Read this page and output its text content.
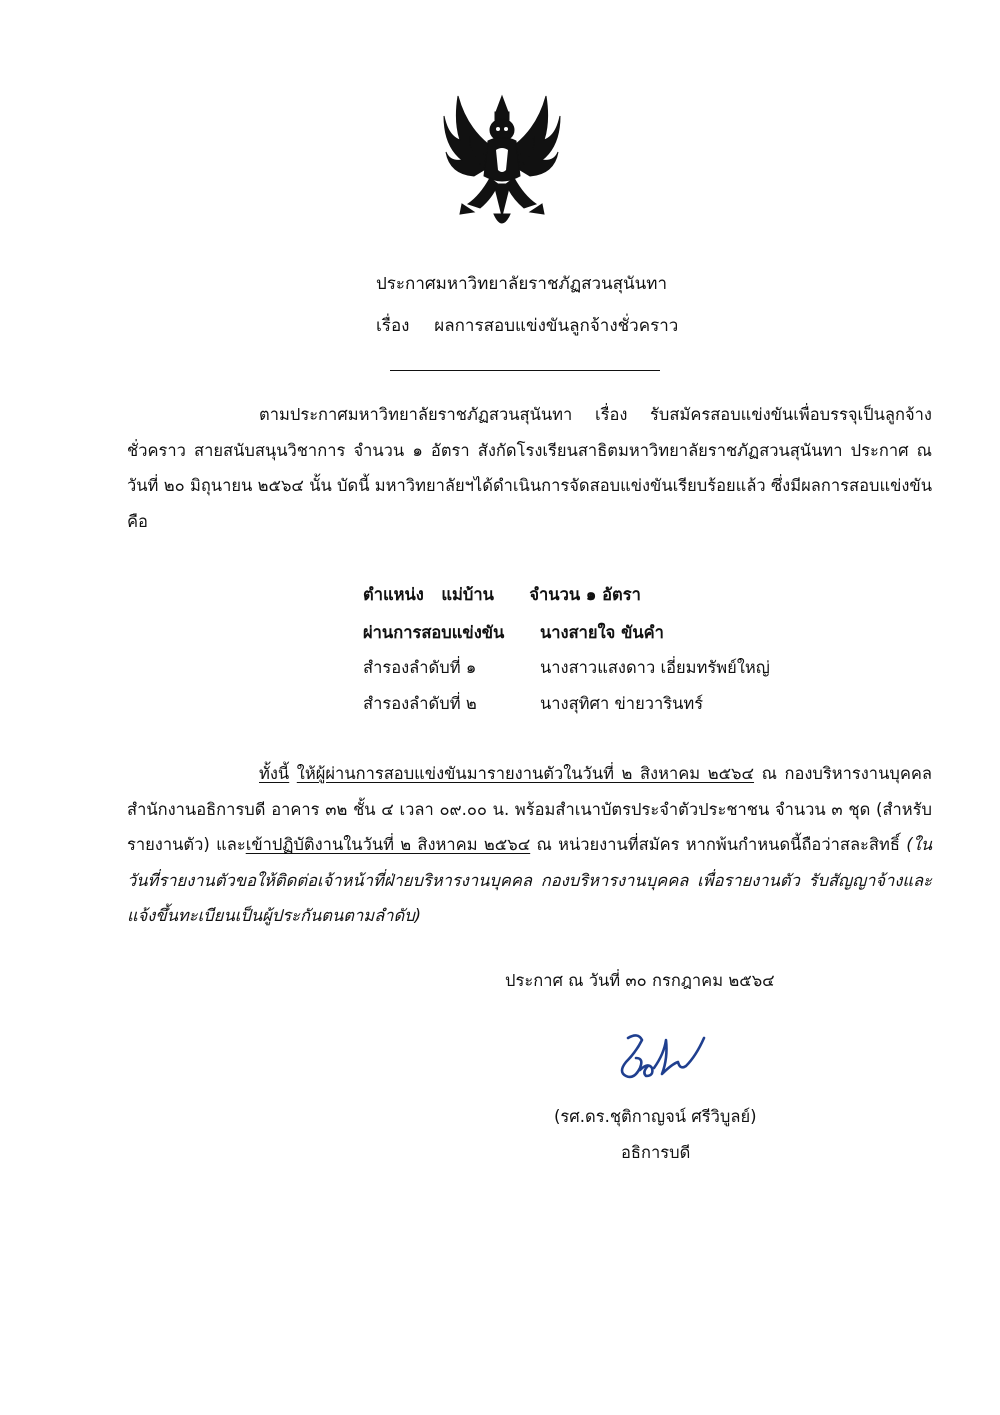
ประกาศมหาวิทยาลัยราชภัฏสวนสุนันทา
เรื่อง ผลการสอบแข่งขันลูกจ้างชั่วคราว
ตามประกาศมหาวิทยาลัยราชภัฏสวนสุนันทา เรื่อง รับสมัครสอบแข่งขันเพื่อบรรจุเป็นลูกจ้างชั่วคราว สายสนับสนุนวิชาการ จำนวน ๑ อัตรา สังกัดโรงเรียนสาธิตมหาวิทยาลัยราชภัฏสวนสุนันทา ประกาศ ณ วันที่ ๒๐ มิถุนายน ๒๕๖๔ นั้น บัดนี้ มหาวิทยาลัยฯได้ดำเนินการจัดสอบแข่งขันเรียบร้อยแล้ว ซึ่งมีผลการสอบแข่งขัน คือ
ตำแหน่ง แม่บ้าน จำนวน ๑ อัตรา
ผ่านการสอบแข่งขัน นางสายใจ ขันคำ
สำรองลำดับที่ ๑	นางสาวแสงดาว เอี่ยมทรัพย์ใหญ่
สำรองลำดับที่ ๒	นางสุทิศา ข่ายวารินทร์
ทั้งนี้ ให้ผู้ผ่านการสอบแข่งขันมารายงานตัวในวันที่ ๒ สิงหาคม ๒๕๖๔ ณ กองบริหารงานบุคคล สำนักงานอธิการบดี อาคาร ๓๒ ชั้น ๔ เวลา ๐๙.๐๐ น. พร้อมสำเนาบัตรประจำตัวประชาชน จำนวน ๓ ชุด (สำหรับรายงานตัว) และเข้าปฏิบัติงานในวันที่ ๒ สิงหาคม ๒๕๖๔ ณ หน่วยงานที่สมัคร หากพ้นกำหนดนี้ถือว่าสละสิทธิ์ (ในวันที่รายงานตัวขอให้ติดต่อเจ้าหน้าที่ฝ่ายบริหารงานบุคคล กองบริหารงานบุคคล เพื่อรายงานตัว รับสัญญาจ้างและแจ้งขึ้นทะเบียนเป็นผู้ประกันตนตามลำดับ)
ประกาศ ณ วันที่ ๓๐ กรกฎาคม ๒๕๖๔
(รศ.ดร.ชุติกาญจน์ ศรีวิบูลย์)
อธิการบดี
